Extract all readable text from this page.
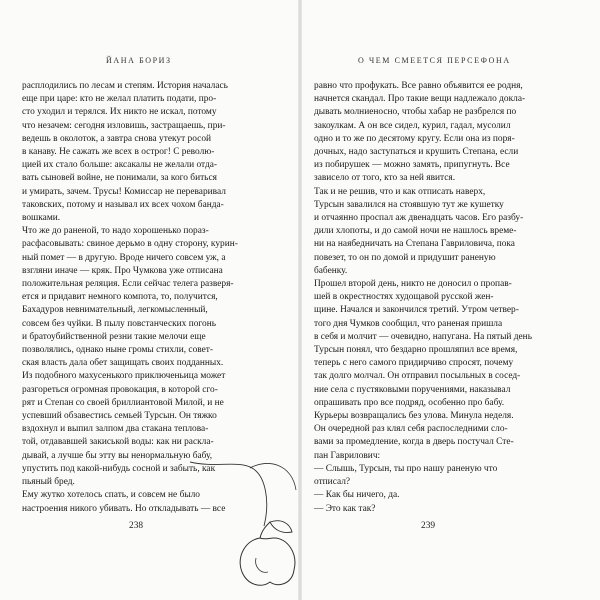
ЙАНА БОРИЗ

расплодились по лесам и степям. История началась

еще при царе: кто не желал платить подати, про-

сто уходил и терялся. Их никто не искал, потому

что незачем: сегодня изловишь, застращаешь, при-

ведешь в околоток, а завтра снова утекут росой

в канаву. Не сажать же всех в острог! С револю-

цией их стало больше: аксакалы не желали отда-

вать сыновей войне, не понимали, за кого биться

и умирать, зачем. Трусы! Комиссар не переваривал

таковских, потому и называл их всех чохом банда-

вошками.

Что же до раненой, то надо хорошенько пораз-

расфасовывать: свиное дерьмо в одну сторону, курин-

ный помет — в другую. Вроде ничего совсем уж, а

взгляни иначе — кряк. Про Чумкова уже отписана

положительная реляция. Если сейчас телега разверя-

ется и придавит немного компота, то, получится,

Бахадуров невнимательный, легкомысленный,

совсем без чуйки. В пылу повстанческих погонь

и братоубийственной резни такие мелочи еще

позволялись, однако ныне громы стихли, совет-

ская власть дала обет защищать своих подданных.

Из подобного махусенького приключеньица может

разгореться огромная провокация, в которой сго-

рят и Степан со своей бриллиантовой Милой, и не

успевший обзавестись семьей Турсын. Он тяжко

вздохнул и выпил залпом двa стакана теплова-

той, отдававшей закиськой воды: как ни раскла-

дывай, а лучше бы этту вы ненормальную бабу,

упустить под какой-нибудь сосной и забыть, как

пьяный бред.

Ему жутко хотелось спать, и совсем не было

настроения никого убивать. Но откладывать — все

238
О ЧЕМ СМЕЕТСЯ ПЕРСЕФОНА

равно что профукать. Все равно объявится ее родня,

начнется скандал. Про такие вещи надлежало доклa-

дывать молниеносно, чтобы хабар не разбрелся по

закоулкам. А он все сидел, курил, гадал, мусолил

одно и то же по десятому кругу. Если она из поря-

дочных, надо заступаться и крушить Степана, если

из побирушек — можно замять, припугнуть. Все

зависело от того, кто за ней явится.

Так и не решив, что и как отписать наверх,

Турсын завалился на стоявшую тут же кушетку

и отчаянно проспал аж двенадцать часов. Его разбу-

дили хлопоты, и до самой ночи не нашлось време-

ни на наябедничать на Степана Гавриловича, пока

повезет, то он по домой и придушит раненую

бабенку.

Прошел второй день, никто не доносил о пропав-

шей в окрестностях худощавой русской жен-

щине. Начался и закончился третий. Утром четвер-

того дня Чумков сообщил, что раненая пришла

в себя и молчит — очевидно, напугана. На пятый день

Турсын понял, что бездарно прошляпил все время,

теперь с него самого придирчиво спросят, почему

так долго молчал. Он отправил посыльных в сосед-

ние села с пустяковыми поручениями, наказывал

опрашивать про все подряд, особенно про бабу.

Курьеры возвращались без улова. Минула неделя.

Он очередной раз клял себя распоследними сло-

вами за промедление, когда в дверь постучал Сте-

пан Гаврилович:

— Слышь, Турсын, ты про нашу раненую что

отписал?

— Как бы ничего, да.

— Это как так?

239
